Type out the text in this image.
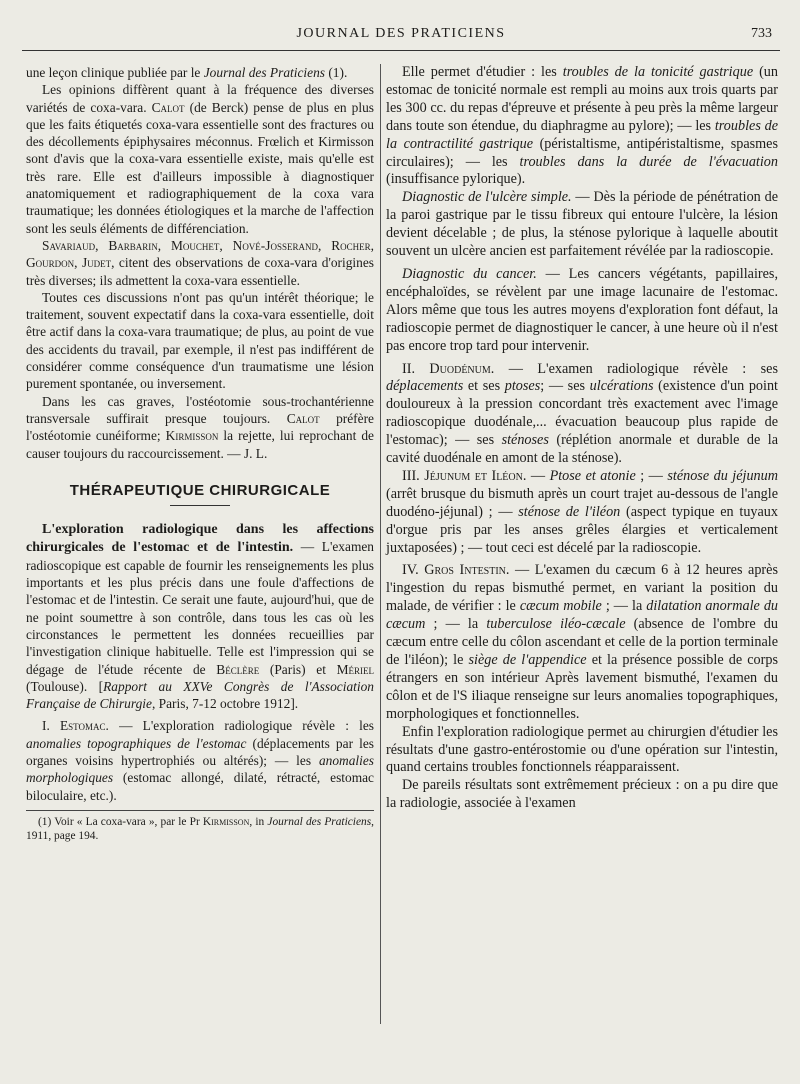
JOURNAL DES PRATICIENS	733

une leçon clinique publiée par le Journal des Praticiens (1).

Les opinions diffèrent quant à la fréquence des diverses variétés de coxa-vara. Calot (de Berck) pense de plus en plus que les faits étiquetés coxa-vara essentielle sont des fractures ou des décollements épiphysaires méconnus. Frœlich et Kirmisson sont d'avis que la coxa-vara essentielle existe, mais qu'elle est très rare. Elle est d'ailleurs impossible à diagnostiquer anatomiquement et radiographiquement de la coxa vara traumatique; les données étiologiques et la marche de l'affection sont les seuls éléments de différenciation.

Savariaud, Barbarin, Mouchet, Nové-Josserand, Rocher, Gourdon, Judet, citent des observations de coxa-vara d'origines très diverses; ils admettent la coxa-vara essentielle.

Toutes ces discussions n'ont pas qu'un intérêt théorique; le traitement, souvent expectatif dans la coxa-vara essentielle, doit être actif dans la coxa-vara traumatique; de plus, au point de vue des accidents du travail, par exemple, il n'est pas indifférent de considérer comme conséquence d'un traumatisme une lésion purement spontanée, ou inversement.

Dans les cas graves, l'ostéotomie sous-trochantérienne transversale suffirait presque toujours. Calot préfère l'ostéotomie cunéiforme; Kirmisson la rejette, lui reprochant de causer toujours du raccourcissement. — J. L.

THÉRAPEUTIQUE CHIRURGICALE

L'exploration radiologique dans les affections chirurgicales de l'estomac et de l'intestin. — L'examen radioscopique est capable de fournir les renseignements les plus importants et les plus précis dans une foule d'affections de l'estomac et de l'intestin. Ce serait une faute, aujourd'hui, que de ne point soumettre à son contrôle, dans tous les cas où les circonstances le permettent les données recueillies par l'investigation clinique habituelle. Telle est l'impression qui se dégage de l'étude récente de Béclère (Paris) et Mériel (Toulouse). [Rapport au XXVe Congrès de l'Association Française de Chirurgie, Paris, 7-12 octobre 1912].

I. Estomac. — L'exploration radiologique révèle : les anomalies topographiques de l'estomac (déplacements par les organes voisins hypertrophiés ou altérés); — les anomalies morphologiques (estomac allongé, dilaté, rétracté, estomac biloculaire, etc.).

(1) Voir « La coxa-vara », par le Pr Kirmisson, in Journal des Praticiens, 1911, page 194.

Elle permet d'étudier : les troubles de la tonicité gastrique (un estomac de tonicité normale est rempli au moins aux trois quarts par les 300 cc. du repas d'épreuve et présente à peu près la même largeur dans toute son étendue, du diaphragme au pylore); — les troubles de la contractilité gastrique (péristaltisme, antipéristaltisme, spasmes circulaires); — les troubles dans la durée de l'évacuation (insuffisance pylorique).

Diagnostic de l'ulcère simple. — Dès la période de pénétration de la paroi gastrique par le tissu fibreux qui entoure l'ulcère, la lésion devient décelable ; de plus, la sténose pylorique à laquelle aboutit souvent un ulcère ancien est parfaitement révélée par la radioscopie.

Diagnostic du cancer. — Les cancers végétants, papillaires, encéphaloïdes, se révèlent par une image lacunaire de l'estomac. Alors même que tous les autres moyens d'exploration font défaut, la radioscopie permet de diagnostiquer le cancer, à une heure où il n'est pas encore trop tard pour intervenir.

II. Duodénum. — L'examen radiologique révèle : ses déplacements et ses ptoses; — ses ulcérations (existence d'un point douloureux à la pression concordant très exactement avec l'image radioscopique duodénale,... évacuation beaucoup plus rapide de l'estomac); — ses sténoses (réplétion anormale et durable de la cavité duodénale en amont de la sténose).

III. Jéjunum et Iléon. — Ptose et atonie ; — sténose du jéjunum (arrêt brusque du bismuth après un court trajet au-dessous de l'angle duodéno-jéjunal) ; — sténose de l'iléon (aspect typique en tuyaux d'orgue pris par les anses grêles élargies et verticalement juxtaposées) ; — tout ceci est décelé par la radioscopie.

IV. Gros Intestin. — L'examen du cæcum 6 à 12 heures après l'ingestion du repas bismuthé permet, en variant la position du malade, de vérifier : le cæcum mobile ; — la dilatation anormale du cæcum ; — la tuberculose iléo-cæcale (absence de l'ombre du cæcum entre celle du côlon ascendant et celle de la portion terminale de l'iléon); le siège de l'appendice et la présence possible de corps étrangers en son intérieur Après lavement bismuthé, l'examen du côlon et de l'S iliaque renseigne sur leurs anomalies topographiques, morphologiques et fonctionnelles.

Enfin l'exploration radiologique permet au chirurgien d'étudier les résultats d'une gastro-entérostomie ou d'une opération sur l'intestin, quand certains troubles fonctionnels réapparaissent.

De pareils résultats sont extrêmement précieux : on a pu dire que la radiologie, associée à l'examen
